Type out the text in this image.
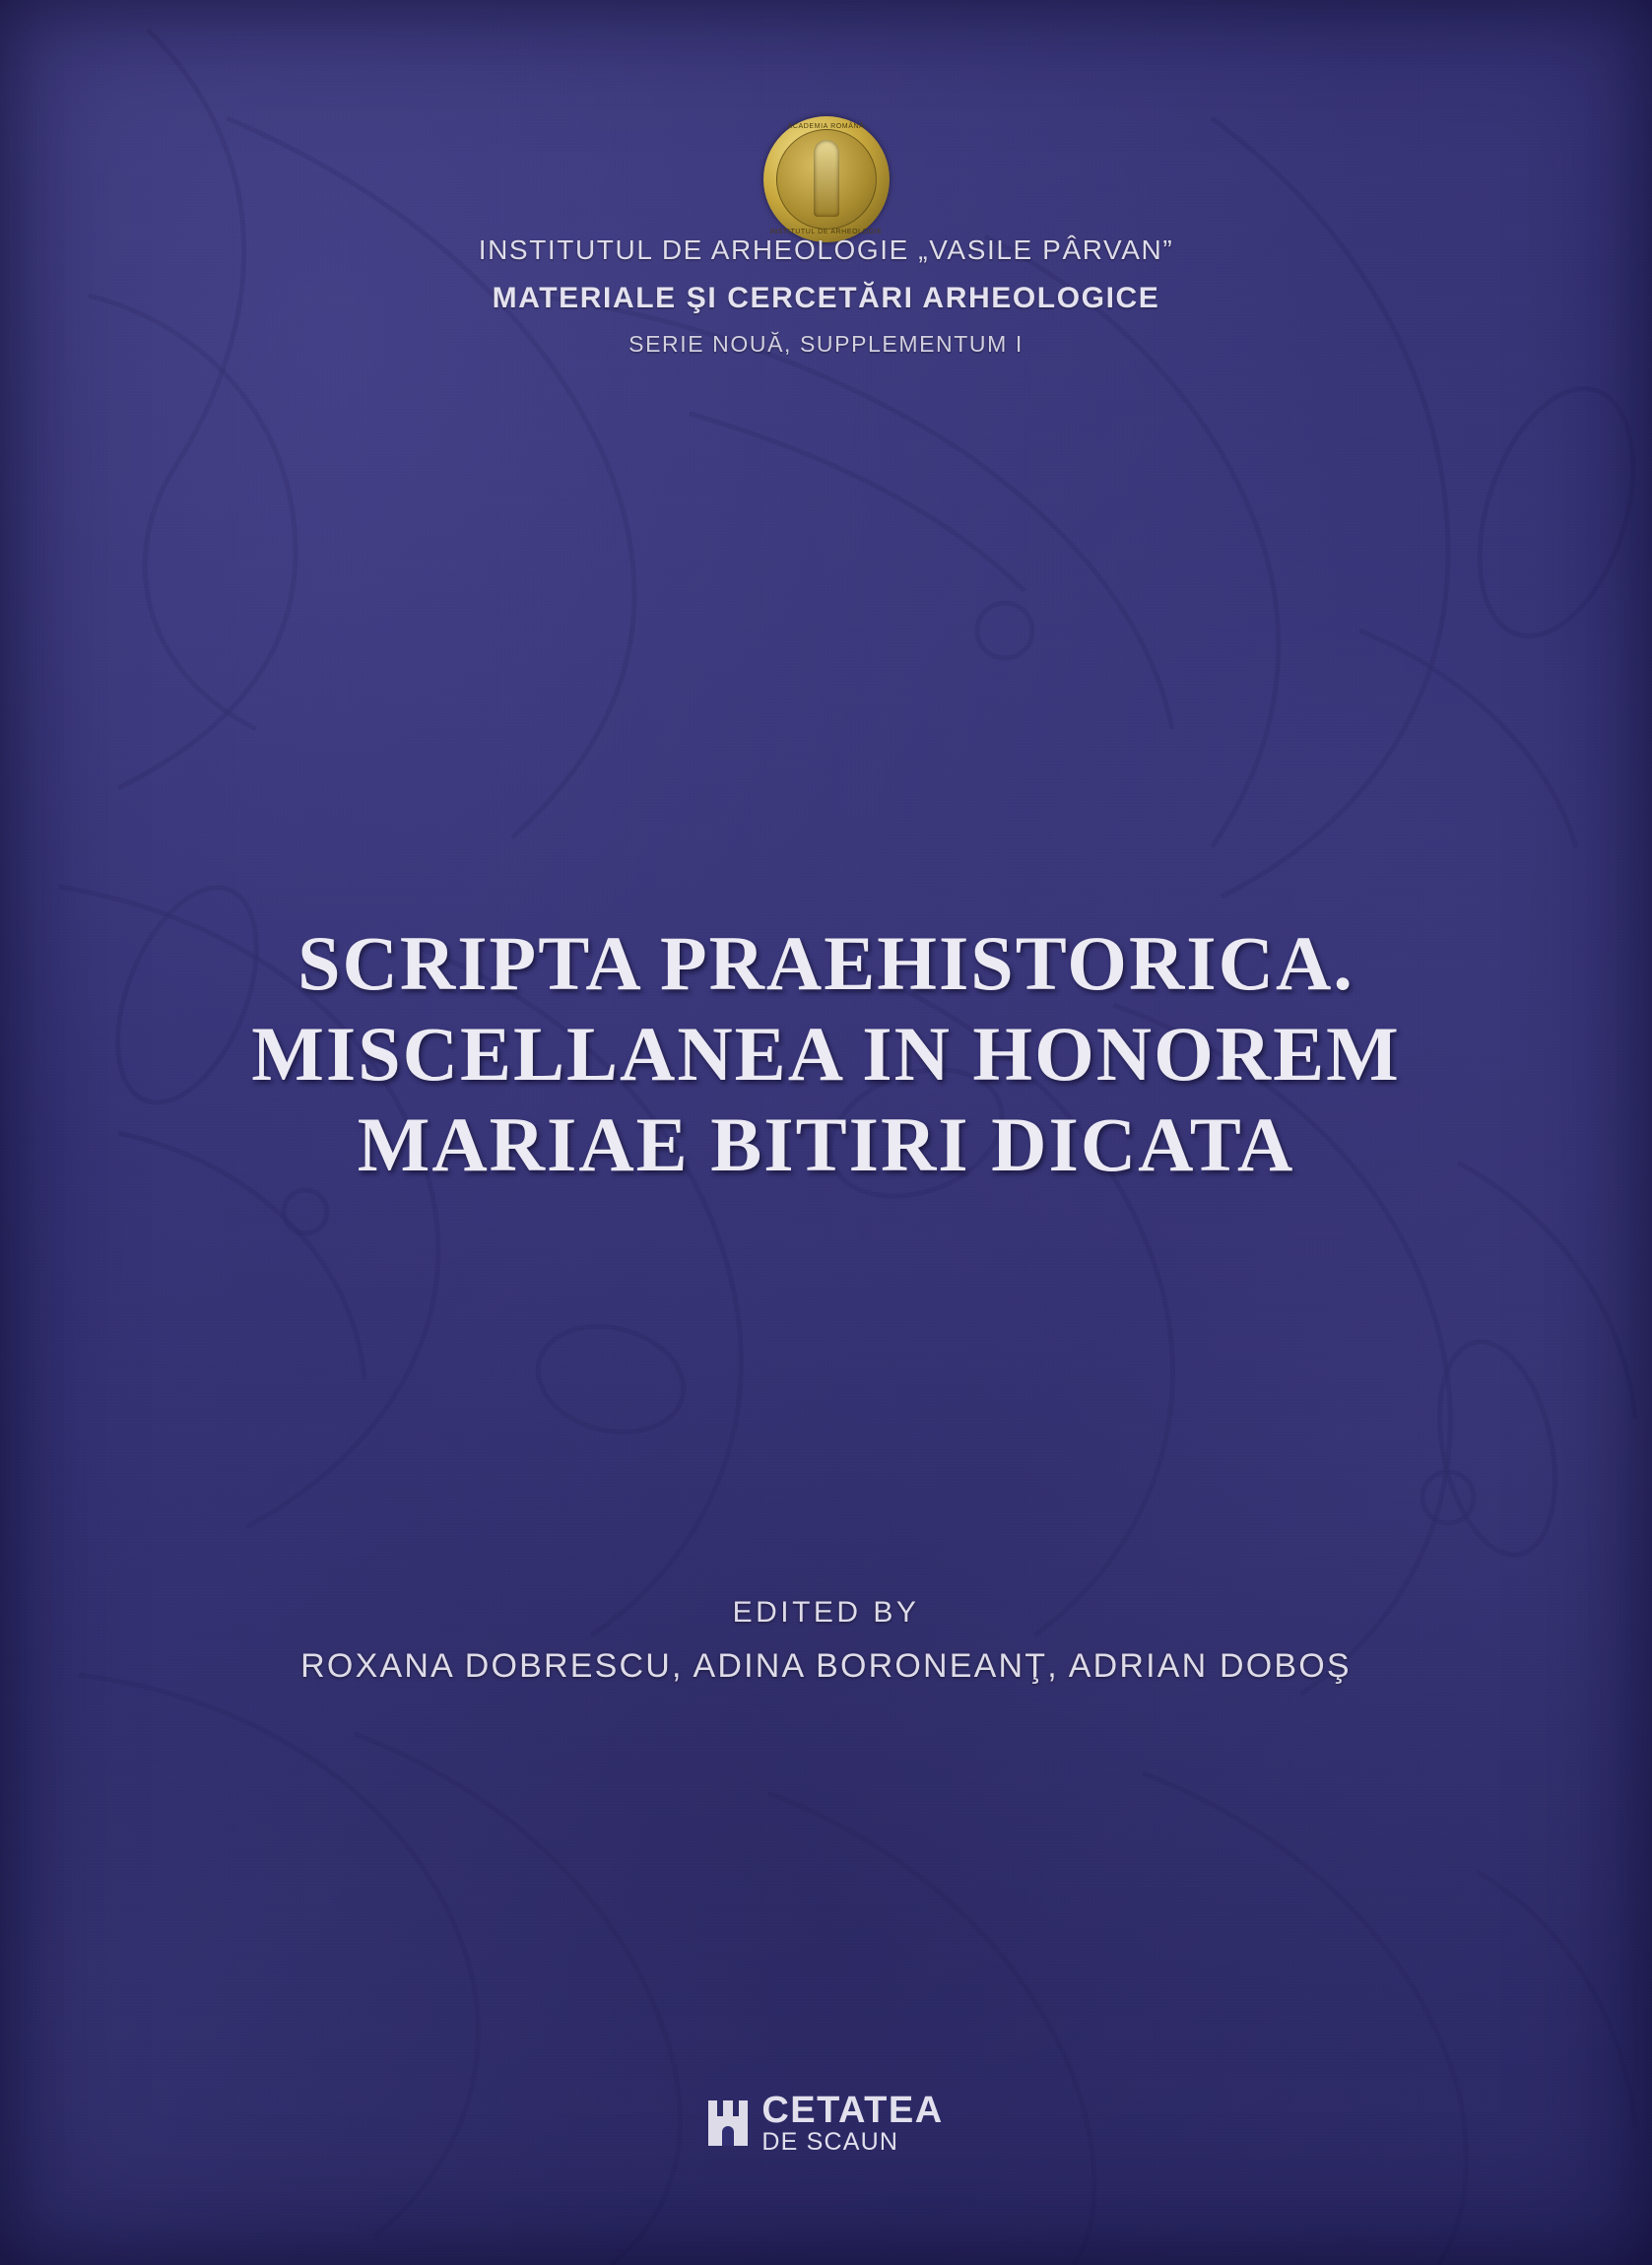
ACADEMIA ROMÂNĂ
INSTITUTUL DE ARHEOLOGIE
INSTITUTUL DE ARHEOLOGIE „VASILE PÂRVAN”
MATERIALE ŞI CERCETĂRI ARHEOLOGICE
SERIE NOUĂ, SUPPLEMENTUM I
SCRIPTA PRAEHISTORICA.
MISCELLANEA IN HONOREM
MARIAE BITIRI DICATA
EDITED BY
ROXANA DOBRESCU, ADINA BORONEANŢ, ADRIAN DOBOŞ
CETATEA
DE SCAUN
